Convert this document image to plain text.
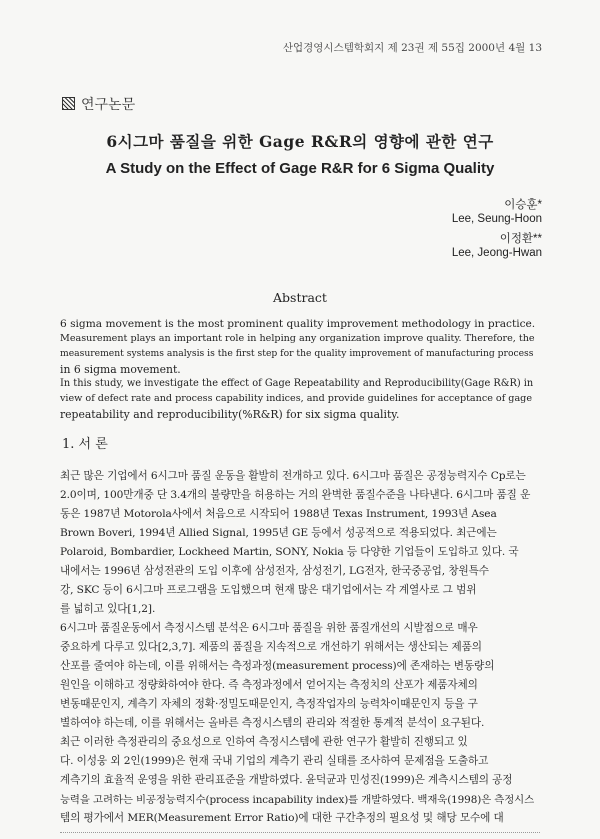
산업경영시스템학회지 제 23권 제 55집 2000년 4월 13
연구논문
6시그마 품질을 위한 Gage R&R의 영향에 관한 연구
A Study on the Effect of Gage R&R for 6 Sigma Quality
이승훈*
Lee, Seung-Hoon
이정환**
Lee, Jeong-Hwan
Abstract
6 sigma movement is the most prominent quality improvement methodology in practice.
Measurement plays an important role in helping any organization improve quality. Therefore, the
measurement systems analysis is the first step for the quality improvement of manufacturing process
in 6 sigma movement.
In this study, we investigate the effect of Gage Repeatability and Reproducibility(Gage R&R) in
view of defect rate and process capability indices, and provide guidelines for acceptance of gage
repeatability and reproducibility(%R&R) for six sigma quality.
1. 서 론
최근 많은 기업에서 6시그마 품질 운동을 활발히 전개하고 있다. 6시그마 품질은 공정능력지수 Cp로는
2.0이며, 100만개중 단 3.4개의 불량만을 허용하는 거의 완벽한 품질수준을 나타낸다. 6시그마 품질 운
동은 1987년 Motorola사에서 처음으로 시작되어 1988년 Texas Instrument, 1993년 Asea
Brown Boveri, 1994년 Allied Signal, 1995년 GE 등에서 성공적으로 적용되었다. 최근에는
Polaroid, Bombardier, Lockheed Martin, SONY, Nokia 등 다양한 기업들이 도입하고 있다. 국
내에서는 1996년 삼성전관의 도입 이후에 삼성전자, 삼성전기, LG전자, 한국중공업, 창원특수
강, SKC 등이 6시그마 프로그램을 도입했으며 현재 많은 대기업에서는 각 계열사로 그 범위
를 넓히고 있다[1,2].
6시그마 품질운동에서 측정시스템 분석은 6시그마 품질을 위한 품질개선의 시발점으로 매우
중요하게 다루고 있다[2,3,7]. 제품의 품질을 지속적으로 개선하기 위해서는 생산되는 제품의
산포를 줄여야 하는데, 이를 위해서는 측정과정(measurement process)에 존재하는 변동량의
원인을 이해하고 정량화하여야 한다. 즉 측정과정에서 얻어지는 측정치의 산포가 제품자체의
변동때문인지, 계측기 자체의 정확·정밀도때문인지, 측정작업자의 능력차이때문인지 등을 구
별하여야 하는데, 이를 위해서는 올바른 측정시스템의 관리와 적절한 통계적 분석이 요구된다.
최근 이러한 측정관리의 중요성으로 인하여 측정시스템에 관한 연구가 활발히 진행되고 있
다. 이성웅 외 2인(1999)은 현재 국내 기업의 계측기 관리 실태를 조사하여 문제점을 도출하고
계측기의 효율적 운영을 위한 관리표준을 개발하였다. 윤덕균과 민성진(1999)은 계측시스템의 공정
능력을 고려하는 비공정능력지수(process incapability index)를 개발하였다. 백재욱(1998)은 측정시스
템의 평가에서 MER(Measurement Error Ratio)에 대한 구간추정의 필요성 및 해당 모수에 대
